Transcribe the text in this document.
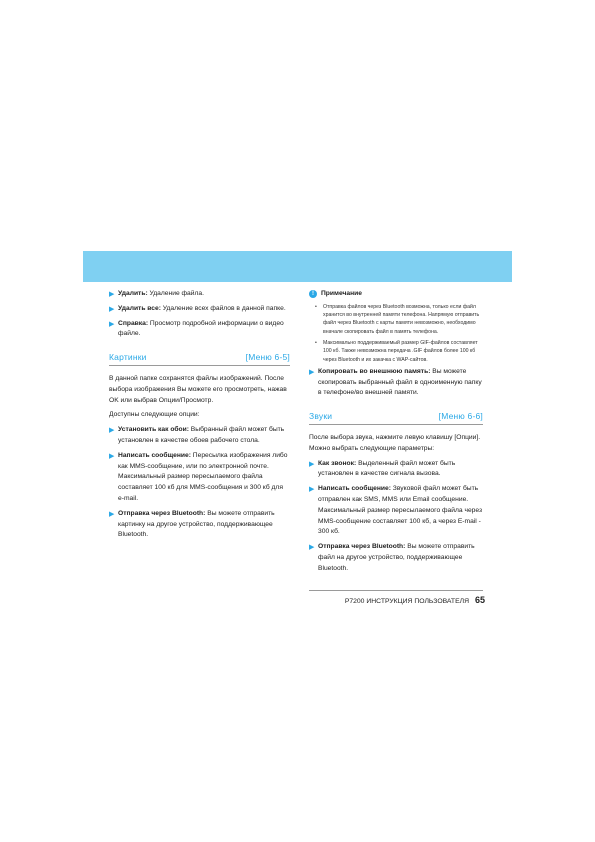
▶ Удалить: Удаление файла.
▶ Удалить все: Удаление всех файлов в данной папке.
▶ Справка: Просмотр подробной информации о видео файле.
Картинки	[Меню 6-5]

В данной папке сохранятся файлы изображений. После выбора изображения Вы можете его просмотреть, нажав OK или выбрав Опции/Просмотр.

Доступны следующие опции:

▶ Установить как обои: Выбранный файл может быть установлен в качестве обоев рабочего стола.
▶ Написать сообщение: Пересылка изображения либо как MMS-сообщение, или по электронной почте. Максимальный размер пересылаемого файла составляет 100 кб для MMS-сообщения и 300 кб для e-mail.
▶ Отправка через Bluetooth: Вы можете отправить картинку на другое устройство, поддерживающее Bluetooth.
!	Примечание
• Отправка файлов через Bluetooth возможна, только если файл хранится во внутренней памяти телефона. Напрямую отправить файл через Bluetooth с карты памяти невозможно, необходимо вначале скопировать файл в память телефона.
• Максимально поддерживаемый размер GIF-файлов составляет 100 кб. Также невозможна передача .GIF файлов более 100 кб через Bluetooth и их закачка с WAP-сайтов.
▶ Копировать во внешнюю память: Вы можете скопировать выбранный файл в одноименную папку в телефоне/во внешней памяти.
Звуки	[Меню 6-6]

После выбора звука, нажмите левую клавишу [Опции]. Можно выбрать следующие параметры:

▶ Как звонок: Выделенный файл может быть установлен в качестве сигнала вызова.
▶ Написать сообщение: Звуковой файл может быть отправлен как SMS, MMS или Email сообщение. Максимальный размер пересылаемого файла через MMS-сообщение составляет 100 кб, а через E-mail - 300 кб.
▶ Отправка через Bluetooth: Вы можете отправить файл на другое устройство, поддерживающее Bluetooth.
P7200 ИНСТРУКЦИЯ ПОЛЬЗОВАТЕЛЯ 65
